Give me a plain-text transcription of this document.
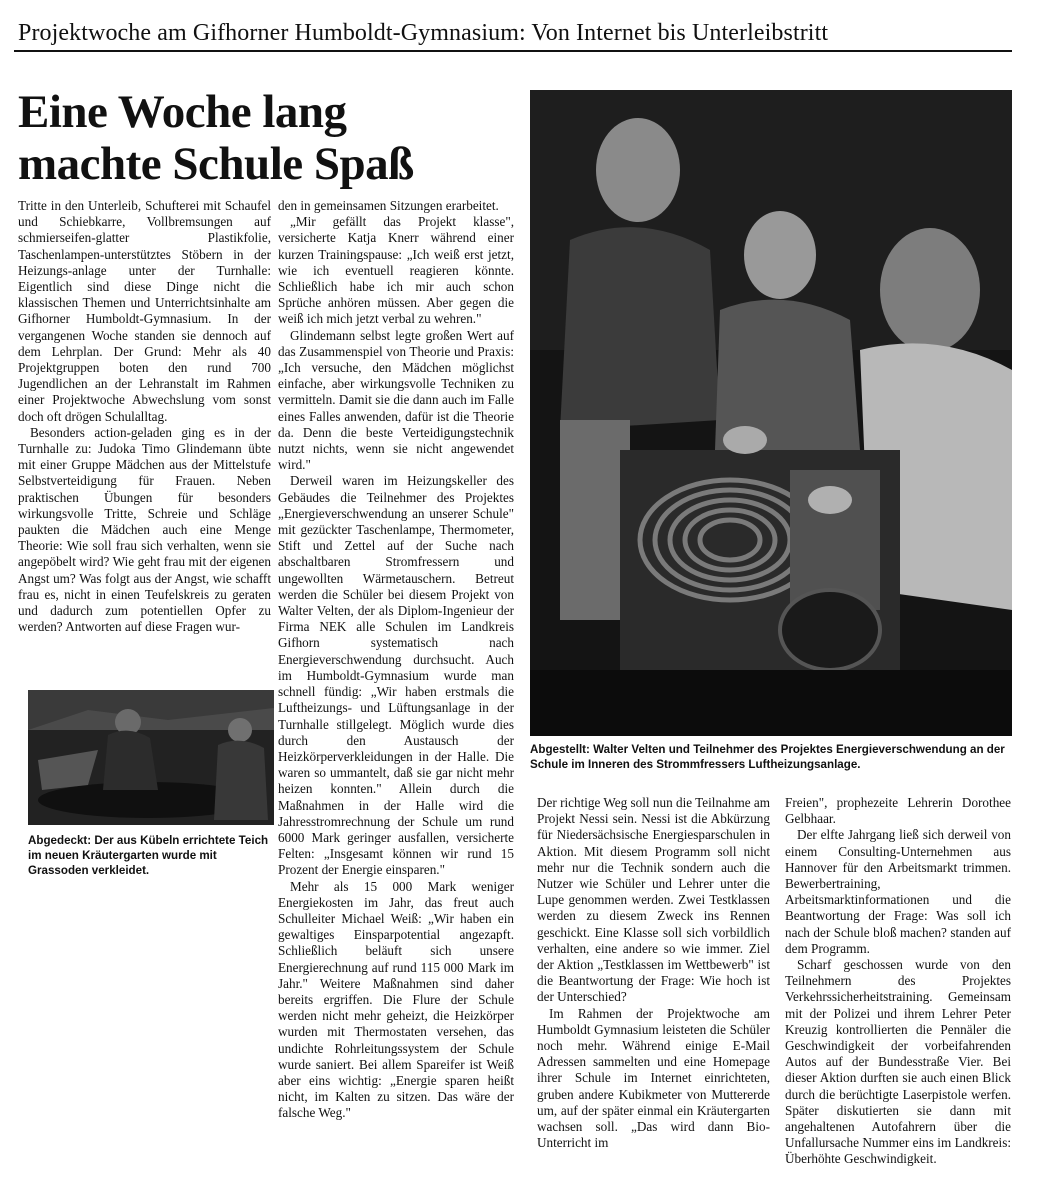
Projektwoche am Gifhorner Humboldt-Gymnasium: Von Internet bis Unterleibstritt
Eine Woche lang
machte Schule Spaß

Tritte in den Unterleib, Schufterei mit Schaufel und Schiebkarre, Vollbremsungen auf schmierseifen-glatter Plastikfolie, Taschenlampen-unterstütztes Stöbern in der Heizungs-anlage unter der Turnhalle: Eigentlich sind diese Dinge nicht die klassischen Themen und Unterrichtsinhalte am Gifhorner Humboldt-Gymnasium. In der vergangenen Woche standen sie dennoch auf dem Lehrplan. Der Grund: Mehr als 40 Projektgruppen boten den rund 700 Jugendlichen an der Lehranstalt im Rahmen einer Projektwoche Abwechslung vom sonst doch oft drögen Schulalltag.

Besonders action-geladen ging es in der Turnhalle zu: Judoka Timo Glindemann übte mit einer Gruppe Mädchen aus der Mittelstufe Selbstverteidigung für Frauen. Neben praktischen Übungen für besonders wirkungsvolle Tritte, Schreie und Schläge paukten die Mädchen auch eine Menge Theorie: Wie soll frau sich verhalten, wenn sie angepöbelt wird? Wie geht frau mit der eigenen Angst um? Was folgt aus der Angst, wie schafft frau es, nicht in einen Teufelskreis zu geraten und dadurch zum potentiellen Opfer zu werden? Antworten auf diese Fragen wur-

Abgedeckt: Der aus Kübeln errichtete Teich im neuen Kräutergarten wurde mit Grassoden verkleidet.

den in gemeinsamen Sitzungen erarbeitet.

„Mir gefällt das Projekt klasse", versicherte Katja Knerr während einer kurzen Trainingspause: „Ich weiß erst jetzt, wie ich eventuell reagieren könnte. Schließlich habe ich mir auch schon Sprüche anhören müssen. Aber gegen die weiß ich mich jetzt verbal zu wehren."

Glindemann selbst legte großen Wert auf das Zusammenspiel von Theorie und Praxis: „Ich versuche, den Mädchen möglichst einfache, aber wirkungsvolle Techniken zu vermitteln. Damit sie die dann auch im Falle eines Falles anwenden, dafür ist die Theorie da. Denn die beste Verteidigungstechnik nutzt nichts, wenn sie nicht angewendet wird."

Derweil waren im Heizungskeller des Gebäudes die Teilnehmer des Projektes „Energieverschwendung an unserer Schule" mit gezückter Taschenlampe, Thermometer, Stift und Zettel auf der Suche nach abschaltbaren Stromfressern und ungewollten Wärmetauschern. Betreut werden die Schüler bei diesem Projekt von Walter Velten, der als Diplom-Ingenieur der Firma NEK alle Schulen im Landkreis Gifhorn systematisch nach Energieverschwendung durchsucht. Auch im Humboldt-Gymnasium wurde man schnell fündig: „Wir haben erstmals die Luftheizungs- und Lüftungsanlage in der Turnhalle stillgelegt. Möglich wurde dies durch den Austausch der Heizkörperverkleidungen in der Halle. Die waren so ummantelt, daß sie gar nicht mehr heizen konnten." Allein durch die Maßnahmen in der Halle wird die Jahresstromrechnung der Schule um rund 6000 Mark geringer ausfallen, versicherte Felten: „Insgesamt können wir rund 15 Prozent der Energie einsparen."

Mehr als 15 000 Mark weniger Energiekosten im Jahr, das freut auch Schulleiter Michael Weiß: „Wir haben ein gewaltiges Einsparpotential angezapft. Schließlich beläuft sich unsere Energierechnung auf rund 115 000 Mark im Jahr." Weitere Maßnahmen sind daher bereits ergriffen. Die Flure der Schule werden nicht mehr geheizt, die Heizkörper wurden mit Thermostaten versehen, das undichte Rohrleitungssystem der Schule wurde saniert. Bei allem Spareifer ist Weiß aber eins wichtig: „Energie sparen heißt nicht, im Kalten zu sitzen. Das wäre der falsche Weg."

Abgestellt: Walter Velten und Teilnehmer des Projektes Energieverschwendung an der Schule im Inneren des Strommfressers Luftheizungsanlage.

Der richtige Weg soll nun die Teilnahme am Projekt Nessi sein. Nessi ist die Abkürzung für Niedersächsische Energiesparschulen in Aktion. Mit diesem Programm soll nicht mehr nur die Technik sondern auch die Nutzer wie Schüler und Lehrer unter die Lupe genommen werden. Zwei Testklassen werden zu diesem Zweck ins Rennen geschickt. Eine Klasse soll sich vorbildlich verhalten, eine andere so wie immer. Ziel der Aktion „Testklassen im Wettbewerb" ist die Beantwortung der Frage: Wie hoch ist der Unterschied?

Im Rahmen der Projektwoche am Humboldt Gymnasium leisteten die Schüler noch mehr. Während einige E-Mail Adressen sammelten und eine Homepage ihrer Schule im Internet einrichteten, gruben andere Kubikmeter von Muttererde um, auf der später einmal ein Kräutergarten wachsen soll. „Das wird dann Bio-Unterricht im

Freien", prophezeite Lehrerin Dorothee Gelbhaar.

Der elfte Jahrgang ließ sich derweil von einem Consulting-Unternehmen aus Hannover für den Arbeitsmarkt trimmen. Bewerbertraining, Arbeitsmarktinformationen und die Beantwortung der Frage: Was soll ich nach der Schule bloß machen? standen auf dem Programm.

Scharf geschossen wurde von den Teilnehmern des Projektes Verkehrssicherheitstraining. Gemeinsam mit der Polizei und ihrem Lehrer Peter Kreuzig kontrollierten die Pennäler die Geschwindigkeit der vorbeifahrenden Autos auf der Bundesstraße Vier. Bei dieser Aktion durften sie auch einen Blick durch die berüchtigte Laserpistole werfen. Später diskutierten sie dann mit angehaltenen Autofahrern über die Unfallursache Nummer eins im Landkreis: Überhöhte Geschwindigkeit.
